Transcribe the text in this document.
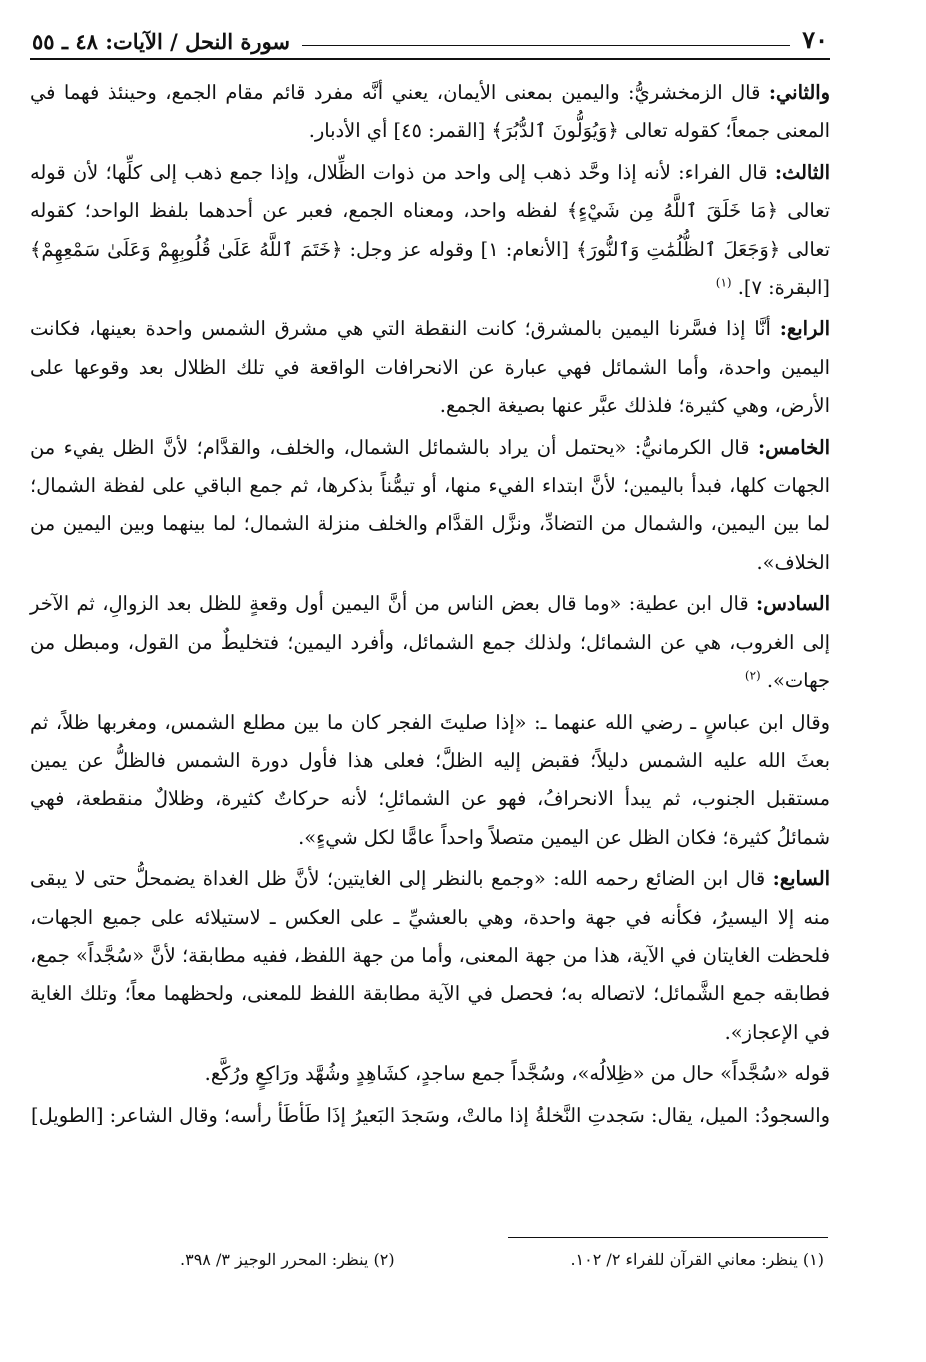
٧٠
سورة النحل / الآيات: ٤٨ ـ ٥٥

والثاني: قال الزمخشريُّ: واليمين بمعنى الأيمان، يعني أنَّه مفرد قائم مقام الجمع، وحينئذ فهما في المعنى جمعاً؛ كقوله تعالى ﴿وَيُوَلُّونَ ٱلدُّبُرَ﴾ [القمر: ٤٥] أي الأدبار.

الثالث: قال الفراء: لأنه إذا وحَّد ذهب إلى واحد من ذوات الظِّلال، وإذا جمع ذهب إلى كلِّها؛ لأن قوله تعالى ﴿مَا خَلَقَ ٱللَّهُ مِن شَيْءٍ﴾ لفظه واحد، ومعناه الجمع، فعبر عن أحدهما بلفظ الواحد؛ كقوله تعالى ﴿وَجَعَلَ ٱلظُّلُمَٰتِ وَٱلنُّورَ﴾ [الأنعام: ١] وقوله عز وجل: ﴿خَتَمَ ٱللَّهُ عَلَىٰ قُلُوبِهِمْ وَعَلَىٰ سَمْعِهِمْ﴾ [البقرة: ٧]. $^{(١)}$

الرابع: أنَّا إذا فسَّرنا اليمين بالمشرق؛ كانت النقطة التي هي مشرق الشمس واحدة بعينها، فكانت اليمين واحدة، وأما الشمائل فهي عبارة عن الانحرافات الواقعة في تلك الظلال بعد وقوعها على الأرض، وهي كثيرة؛ فلذلك عبَّر عنها بصيغة الجمع.

الخامس: قال الكرمانيُّ: «يحتمل أن يراد بالشمائل الشمال، والخلف، والقدَّام؛ لأنَّ الظل يفيء من الجهات كلها، فبدأ باليمين؛ لأنَّ ابتداء الفيء منها، أو تيمُّناً بذكرها، ثم جمع الباقي على لفظة الشمال؛ لما بين اليمين، والشمال من التضادِّ، ونزَّل القدَّام والخلف منزلة الشمال؛ لما بينهما وبين اليمين من الخلاف».

السادس: قال ابن عطية: «وما قال بعض الناس من أنَّ اليمين أول وقعةٍ للظل بعد الزوالِ، ثم الآخر إلى الغروب، هي عن الشمائل؛ ولذلك جمع الشمائل، وأفرد اليمين؛ فتخليطٌ من القول، ومبطل من جهات». $^{(٢)}$

وقال ابن عباسٍ ـ رضي الله عنهما ـ: «إذا صليتَ الفجر كان ما بين مطلع الشمس، ومغربها ظلاً، ثم بعثَ الله عليه الشمس دليلاً؛ فقبض إليه الظلَّ؛ فعلى هذا فأول دورة الشمس فالظلُّ عن يمين مستقبل الجنوب، ثم يبدأ الانحرافُ، فهو عن الشمائلِ؛ لأنه حركاتٌ كثيرة، وظلالٌ منقطعة، فهي شمائلُ كثيرة؛ فكان الظل عن اليمين متصلاً واحداً عامًّا لكل شيءٍ».

السابع: قال ابن الضائع رحمه الله: «وجمع بالنظر إلى الغايتين؛ لأنَّ ظل الغداة يضمحلُّ حتى لا يبقى منه إلا اليسيرُ، فكأنه في جهة واحدة، وهي بالعشيِّ ـ على العكس ـ لاستيلائه على جميع الجهات، فلحظت الغايتان في الآية، هذا من جهة المعنى، وأما من جهة اللفظ، ففيه مطابقة؛ لأنَّ «سُجَّداً» جمع، فطابقه جمع الشَّمائل؛ لاتصاله به؛ فحصل في الآية مطابقة اللفظ للمعنى، ولحظهما معاً؛ وتلك الغاية في الإعجاز».

قوله «سُجَّداً» حال من «ظِلالُه»، وسُجَّداً جمع ساجدٍ، كشَاهِدٍ وشُهَّد ورَاكِعٍ ورُكَّع.

والسجودُ: الميل، يقال: سَجدتِ النَّخلةُ إذا مالتْ، وسَجدَ البَعيرُ إذَا طَأطَأ رأسه؛ وقال الشاعر: [الطويل]

(١) ينظر: معاني القرآن للفراء ٢/ ١٠٢.
(٢) ينظر: المحرر الوجيز ٣/ ٣٩٨.
